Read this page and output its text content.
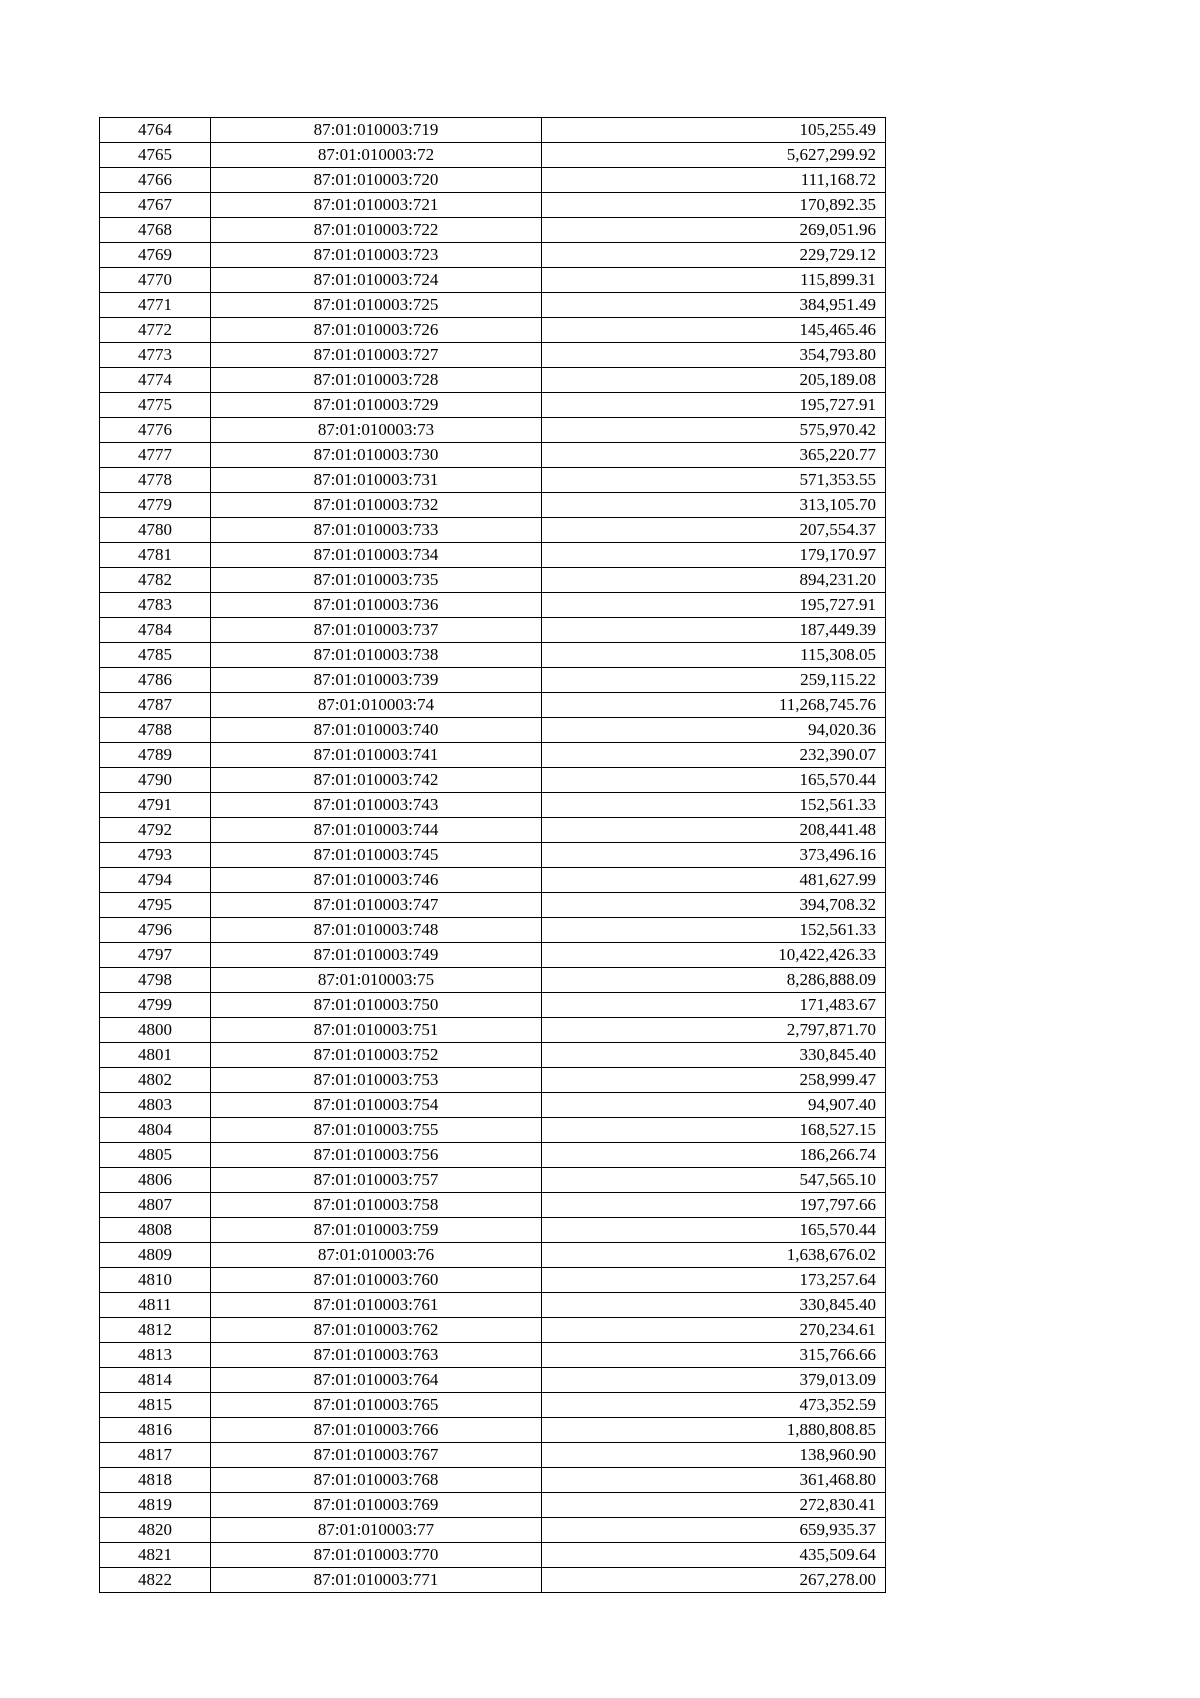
4764	87:01:010003:719	105,255.49
4765	87:01:010003:72	5,627,299.92
4766	87:01:010003:720	111,168.72
4767	87:01:010003:721	170,892.35
4768	87:01:010003:722	269,051.96
4769	87:01:010003:723	229,729.12
4770	87:01:010003:724	115,899.31
4771	87:01:010003:725	384,951.49
4772	87:01:010003:726	145,465.46
4773	87:01:010003:727	354,793.80
4774	87:01:010003:728	205,189.08
4775	87:01:010003:729	195,727.91
4776	87:01:010003:73	575,970.42
4777	87:01:010003:730	365,220.77
4778	87:01:010003:731	571,353.55
4779	87:01:010003:732	313,105.70
4780	87:01:010003:733	207,554.37
4781	87:01:010003:734	179,170.97
4782	87:01:010003:735	894,231.20
4783	87:01:010003:736	195,727.91
4784	87:01:010003:737	187,449.39
4785	87:01:010003:738	115,308.05
4786	87:01:010003:739	259,115.22
4787	87:01:010003:74	11,268,745.76
4788	87:01:010003:740	94,020.36
4789	87:01:010003:741	232,390.07
4790	87:01:010003:742	165,570.44
4791	87:01:010003:743	152,561.33
4792	87:01:010003:744	208,441.48
4793	87:01:010003:745	373,496.16
4794	87:01:010003:746	481,627.99
4795	87:01:010003:747	394,708.32
4796	87:01:010003:748	152,561.33
4797	87:01:010003:749	10,422,426.33
4798	87:01:010003:75	8,286,888.09
4799	87:01:010003:750	171,483.67
4800	87:01:010003:751	2,797,871.70
4801	87:01:010003:752	330,845.40
4802	87:01:010003:753	258,999.47
4803	87:01:010003:754	94,907.40
4804	87:01:010003:755	168,527.15
4805	87:01:010003:756	186,266.74
4806	87:01:010003:757	547,565.10
4807	87:01:010003:758	197,797.66
4808	87:01:010003:759	165,570.44
4809	87:01:010003:76	1,638,676.02
4810	87:01:010003:760	173,257.64
4811	87:01:010003:761	330,845.40
4812	87:01:010003:762	270,234.61
4813	87:01:010003:763	315,766.66
4814	87:01:010003:764	379,013.09
4815	87:01:010003:765	473,352.59
4816	87:01:010003:766	1,880,808.85
4817	87:01:010003:767	138,960.90
4818	87:01:010003:768	361,468.80
4819	87:01:010003:769	272,830.41
4820	87:01:010003:77	659,935.37
4821	87:01:010003:770	435,509.64
4822	87:01:010003:771	267,278.00
